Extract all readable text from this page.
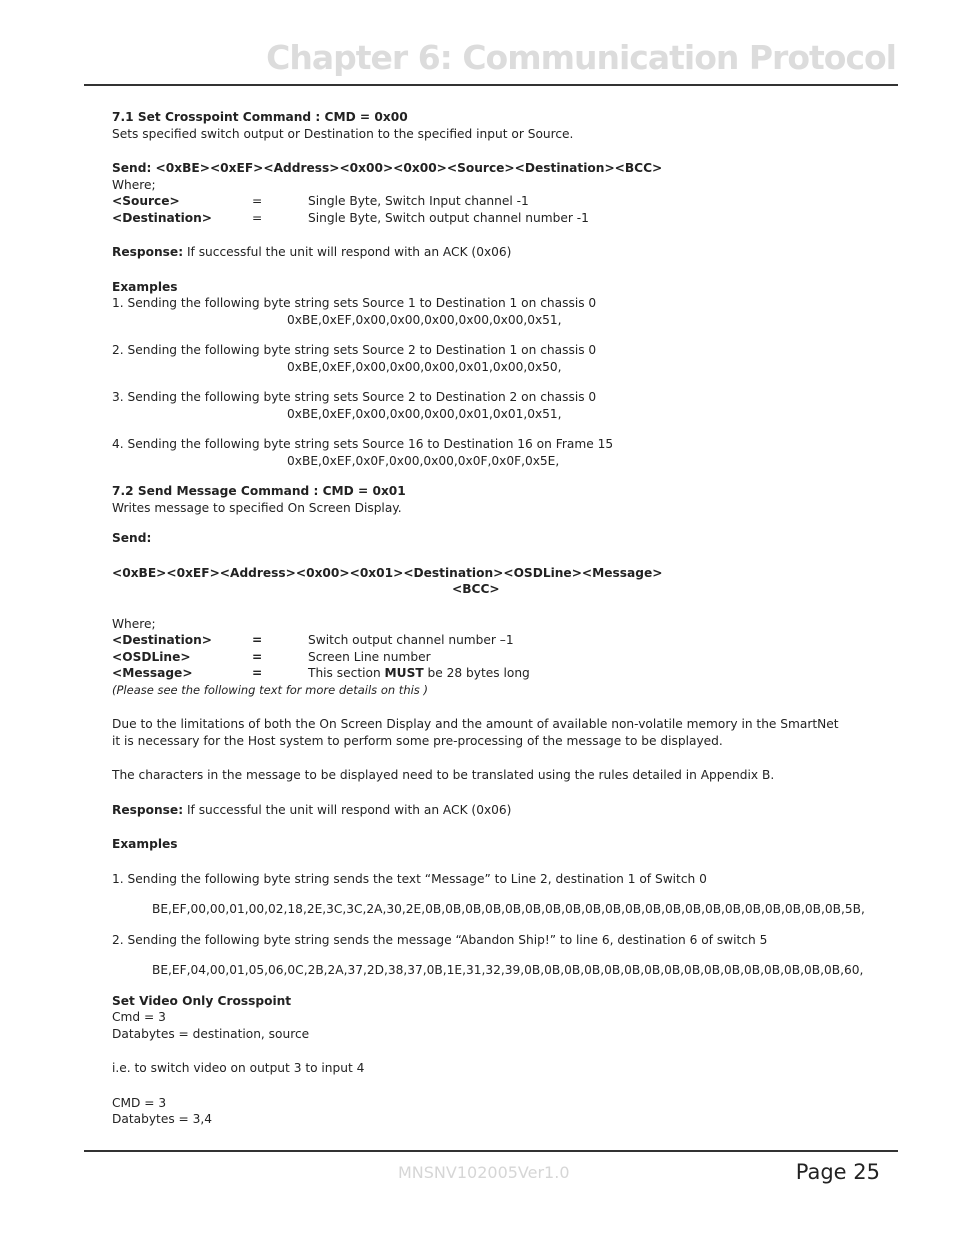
Chapter 6: Communication Protocol
7.1 Set Crosspoint Command : CMD = 0x00
Sets specified switch output or Destination to the specified input or Source.
Send: <0xBE><0xEF><Address><0x00><0x00><Source><Destination><BCC>
Where;
<Source>	=	Single Byte, Switch Input channel -1
<Destination>	=	Single Byte, Switch output channel number -1
Response: If successful the unit will respond with an ACK (0x06)
Examples
1. Sending the following byte string sets Source 1 to Destination 1 on chassis 0
0xBE,0xEF,0x00,0x00,0x00,0x00,0x00,0x51,
2. Sending the following byte string sets Source 2 to Destination 1 on chassis 0
0xBE,0xEF,0x00,0x00,0x00,0x01,0x00,0x50,
3. Sending the following byte string sets Source 2 to Destination 2 on chassis 0
0xBE,0xEF,0x00,0x00,0x00,0x01,0x01,0x51,
4. Sending the following byte string sets Source 16 to Destination 16 on Frame 15
0xBE,0xEF,0x0F,0x00,0x00,0x0F,0x0F,0x5E,
7.2 Send Message Command : CMD = 0x01
Writes message to specified On Screen Display.
Send:
<0xBE><0xEF><Address><0x00><0x01><Destination><OSDLine><Message>
<BCC>
Where;
<Destination>	=	Switch output channel number –1
<OSDLine>	=	Screen Line number
<Message>	=	This section MUST be 28 bytes long
(Please see the following text for more details on this )
Due to the limitations of both the On Screen Display and the amount of available non-volatile memory in the SmartNet
it is necessary for the Host system to perform some pre-processing of the message to be displayed.
The characters in the message to be displayed need to be translated using the rules detailed in Appendix B.
Response: If successful the unit will respond with an ACK (0x06)
Examples
1. Sending the following byte string sends the text “Message” to Line 2, destination 1 of Switch 0
BE,EF,00,00,01,00,02,18,2E,3C,3C,2A,30,2E,0B,0B,0B,0B,0B,0B,0B,0B,0B,0B,0B,0B,0B,0B,0B,0B,0B,0B,0B,0B,0B,5B,
2. Sending the following byte string sends the message “Abandon Ship!” to line 6, destination 6 of switch 5
BE,EF,04,00,01,05,06,0C,2B,2A,37,2D,38,37,0B,1E,31,32,39,0B,0B,0B,0B,0B,0B,0B,0B,0B,0B,0B,0B,0B,0B,0B,0B,60,
Set Video Only Crosspoint
Cmd = 3
Databytes = destination, source
i.e. to switch video on output 3 to input 4
CMD = 3
Databytes = 3,4
MNSNV102005Ver1.0	Page 25
